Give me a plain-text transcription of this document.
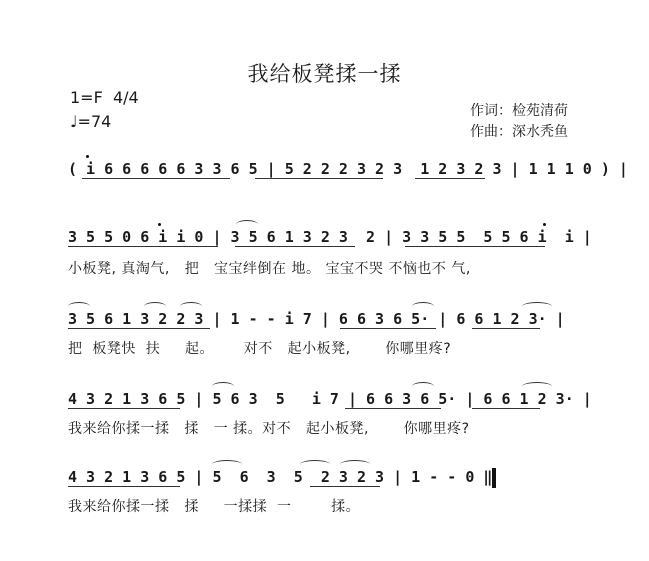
我给板凳揉一揉
1=F  4/4
♩=74
作词：检苑清荷
作曲：深水秃鱼
( i 6 6 6 6 6 3 3 6 5 | 5 2 2 2 3 2 3  1 2 3 2 3 | 1 1 1 0 ) |
3 5 5 0 6 i i 0 | 3 5 6 1 3 2 3  2 | 3 3 5 5  5 5 6 i  i |
小板凳, 真淘气,   把   宝宝绊倒在 地。 宝宝不哭 不恼也不 气,
3 5 6 1 3 2 2 3 | 1 - - i 7 | 6 6 3 6 5· | 6 6 1 2 3· |
把  板凳快  扶     起。      对不   起小板凳,       你哪里疼?
4 3 2 1 3 6 5 | 5 6 3  5   i 7 | 6 6 3 6 5· | 6 6 1 2 3· |
我来给你揉一揉   揉   一 揉。对不   起小板凳,       你哪里疼?
4 3 2 1 3 6 5 | 5  6  3  5  2 3 2 3 | 1 - - 0 ‖
我来给你揉一揉   揉     一揉揉  一        揉。
